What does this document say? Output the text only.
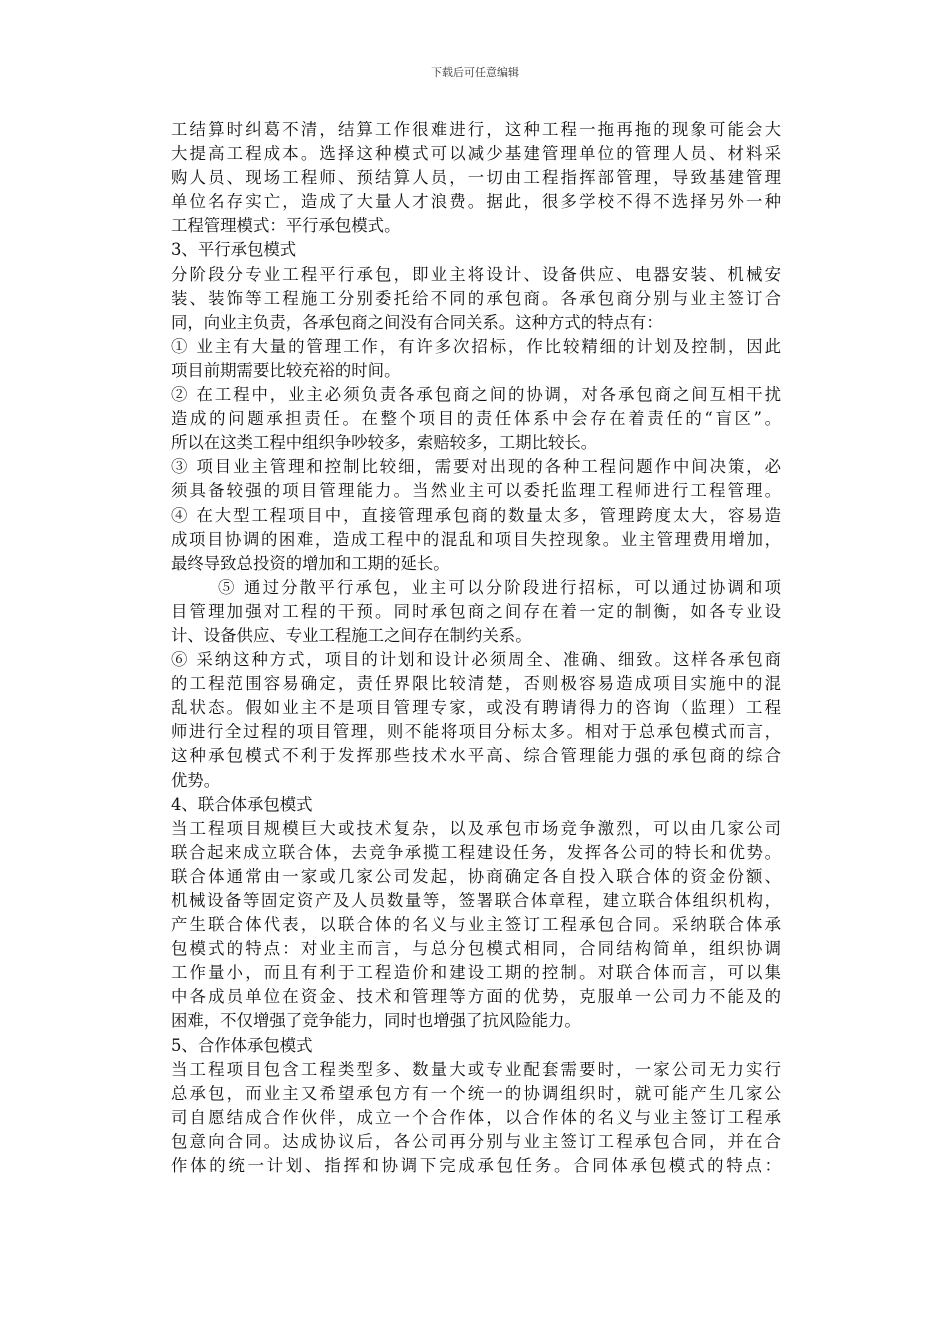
下载后可任意编辑
工结算时纠葛不清，结算工作很难进行，这种工程一拖再拖的现象可能会大
大提高工程成本。选择这种模式可以减少基建管理单位的管理人员、材料采
购人员、现场工程师、预结算人员，一切由工程指挥部管理，导致基建管理
单位名存实亡，造成了大量人才浪费。据此，很多学校不得不选择另外一种
工程管理模式：平行承包模式。
3、平行承包模式
分阶段分专业工程平行承包，即业主将设计、设备供应、电器安装、机械安
装、装饰等工程施工分别委托给不同的承包商。各承包商分别与业主签订合
同，向业主负责，各承包商之间没有合同关系。这种方式的特点有：
① 业主有大量的管理工作，有许多次招标，作比较精细的计划及控制，因此
项目前期需要比较充裕的时间。
② 在工程中，业主必须负责各承包商之间的协调，对各承包商之间互相干扰
造成的问题承担责任。在整个项目的责任体系中会存在着责任的“盲区”。
所以在这类工程中组织争吵较多，索赔较多，工期比较长。
③ 项目业主管理和控制比较细，需要对出现的各种工程问题作中间决策，必
须具备较强的项目管理能力。当然业主可以委托监理工程师进行工程管理。
④ 在大型工程项目中，直接管理承包商的数量太多，管理跨度太大，容易造
成项目协调的困难，造成工程中的混乱和项目失控现象。业主管理费用增加，
最终导致总投资的增加和工期的延长。
⑤ 通过分散平行承包，业主可以分阶段进行招标，可以通过协调和项
目管理加强对工程的干预。同时承包商之间存在着一定的制衡，如各专业设
计、设备供应、专业工程施工之间存在制约关系。
⑥ 采纳这种方式，项目的计划和设计必须周全、准确、细致。这样各承包商
的工程范围容易确定，责任界限比较清楚，否则极容易造成项目实施中的混
乱状态。假如业主不是项目管理专家，或没有聘请得力的咨询（监理）工程
师进行全过程的项目管理，则不能将项目分标太多。相对于总承包模式而言，
这种承包模式不利于发挥那些技术水平高、综合管理能力强的承包商的综合
优势。
4、联合体承包模式
当工程项目规模巨大或技术复杂，以及承包市场竞争激烈，可以由几家公司
联合起来成立联合体，去竞争承揽工程建设任务，发挥各公司的特长和优势。
联合体通常由一家或几家公司发起，协商确定各自投入联合体的资金份额、
机械设备等固定资产及人员数量等，签署联合体章程，建立联合体组织机构，
产生联合体代表，以联合体的名义与业主签订工程承包合同。采纳联合体承
包模式的特点：对业主而言，与总分包模式相同，合同结构简单，组织协调
工作量小，而且有利于工程造价和建设工期的控制。对联合体而言，可以集
中各成员单位在资金、技术和管理等方面的优势，克服单一公司力不能及的
困难，不仅增强了竞争能力，同时也增强了抗风险能力。
5、合作体承包模式
当工程项目包含工程类型多、数量大或专业配套需要时，一家公司无力实行
总承包，而业主又希望承包方有一个统一的协调组织时，就可能产生几家公
司自愿结成合作伙伴，成立一个合作体，以合作体的名义与业主签订工程承
包意向合同。达成协议后，各公司再分别与业主签订工程承包合同，并在合
作体的统一计划、指挥和协调下完成承包任务。合同体承包模式的特点：
